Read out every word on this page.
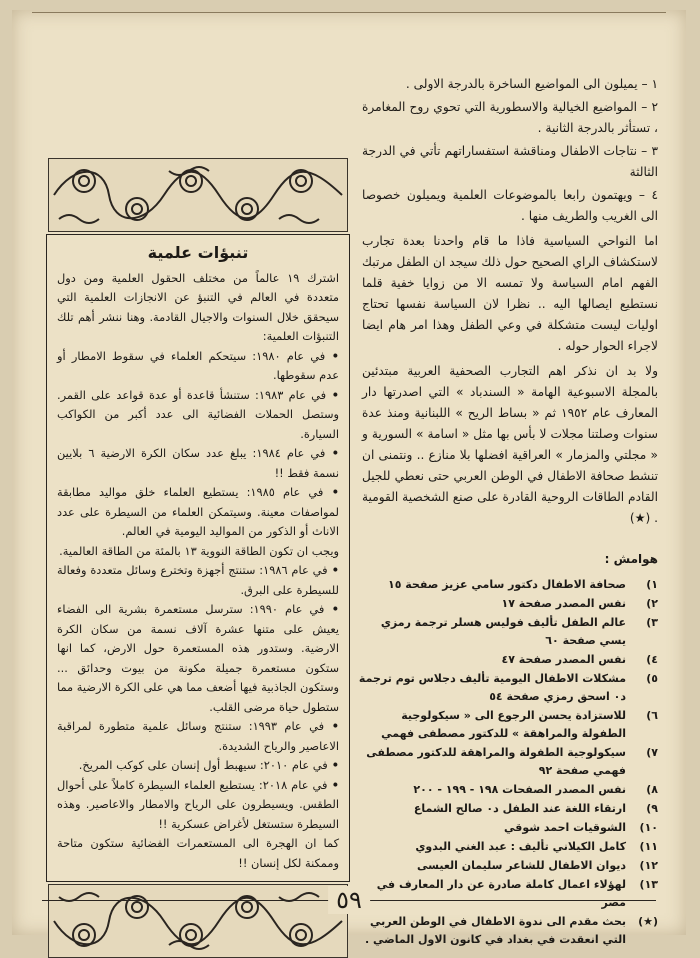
١ – يميلون الى المواضيع الساخرة بالدرجة الاولى .
٢ – المواضيع الخيالية والاسطورية التي تحوي روح المغامرة ، تستأثر بالدرجة الثانية .
٣ – نتاجات الاطفال ومناقشة استفساراتهم تأتي في الدرجة الثالثة
٤ – ويهتمون رابعا بالموضوعات العلمية ويميلون خصوصا الى الغريب والطريف منها .

اما النواحي السياسية فاذا ما قام واحدنا بعدة تجارب لاستكشاف الراي الصحيح حول ذلك سيجد ان الطفل مرتبك الفهم امام السياسة ولا تمسه الا من زوايا خفية قلما نستطيع ايصالها اليه .. نظرا لان السياسة نفسها تحتاج اوليات ليست متشكلة في وعي الطفل وهذا امر هام ايضا لاجراء الحوار حوله .

ولا بد ان نذكر اهم التجارب الصحفية العربية مبتدئين بالمجلة الاسبوعية الهامة « السندباد » التي اصدرتها دار المعارف عام ١٩٥٢ ثم « بساط الريح » اللبنانية ومنذ عدة سنوات وصلتنا مجلات لا بأس بها مثل « اسامة » السورية و « مجلتي والمزمار » العراقية افضلها بلا منازع .. ونتمنى ان تنشط صحافة الاطفال في الوطن العربي حتى نعطي للجيل القادم الطاقات الروحية القادرة على صنع الشخصية القومية . (★)

تنبؤات علمية
اشترك ١٩ عالماً من مختلف الحقول العلمية ومن دول متعددة في العالم في التنبؤ عن الانجازات العلمية التي سيحقق خلال السنوات والاجيال القادمة. وهنا ننشر أهم تلك التنبؤات العلمية:
• في عام ١٩٨٠: سيتحكم العلماء في سقوط الامطار أو عدم سقوطها.
• في عام ١٩٨٣: ستنشأ قاعدة أو عدة قواعد على القمر. وستصل الحملات الفضائية الى عدد أكبر من الكواكب السيارة.
• في عام ١٩٨٤: يبلغ عدد سكان الكرة الارضية ٦ بلايين نسمة فقط !!
• في عام ١٩٨٥: يستطيع العلماء خلق مواليد مطابقة لمواصفات معينة. وسيتمكن العلماء من السيطرة على عدد الاناث أو الذكور من المواليد اليومية في العالم.
ويجب ان تكون الطاقة النووية ١٣ بالمئة من الطاقة العالمية.
• في عام ١٩٨٦: ستنتج أجهزة وتخترع وسائل متعددة وفعالة للسيطرة على البرق.
• في عام ١٩٩٠: سترسل مستعمرة بشرية الى الفضاء يعيش على متنها عشرة آلاف نسمة من سكان الكرة الارضية. وستدور هذه المستعمرة حول الارض، كما انها ستكون مستعمرة جميلة مكونة من بيوت وحدائق ... وستكون الجاذبية فيها أضعف مما هي على الكرة الارضية مما ستطول حياة مرضى القلب.
• في عام ١٩٩٣: ستنتج وسائل علمية متطورة لمراقبة الاعاصير والرياح الشديدة.
• في عام ٢٠١٠: سيهبط أول إنسان على كوكب المريخ.
• في عام ٢٠١٨: يستطيع العلماء السيطرة كاملاً على أحوال الطقس. ويسيطرون على الرياح والامطار والاعاصير. وهذه السيطرة ستستغل لأغراض عسكرية !!
كما ان الهجرة الى المستعمرات الفضائية ستكون متاحة وممكنة لكل إنسان !!
هوامش :
١)
صحافة الاطفال دكتور سامي عزيز صفحة ١٥
٢)
نفس المصدر صفحة ١٧
٣)
عالم الطفل تأليف فوليس هسلر ترجمة رمزي يسي صفحة ٦٠
٤)
نفس المصدر صفحة ٤٧
٥)
مشكلات الاطفال اليومية تأليف دجلاس توم ترجمة د٠ اسحق رمزي صفحة ٥٤
٦)
للاستزادة يحسن الرجوع الى « سيكولوجية الطفولة والمراهقة » للدكتور مصطفى فهمي
٧)
سيكولوجية الطفولة والمراهقة للدكتور مصطفى فهمي صفحة ٩٢
٨)
نفس المصدر الصفحات ١٩٨ - ١٩٩ - ٢٠٠
٩)
ارتقاء اللغة عند الطفل د٠ صالح الشماع
١٠)
الشوقيات احمد شوقي
١١)
كامل الكيلاني تأليف : عبد الغني البدوي
١٢)
ديوان الاطفال للشاعر سليمان العيسى
١٣)
لهؤلاء اعمال كاملة صادرة عن دار المعارف في مصر
(★)
بحث مقدم الى ندوة الاطفال في الوطن العربي التي انعقدت في بغداد في كانون الاول الماضي .
٥٩
